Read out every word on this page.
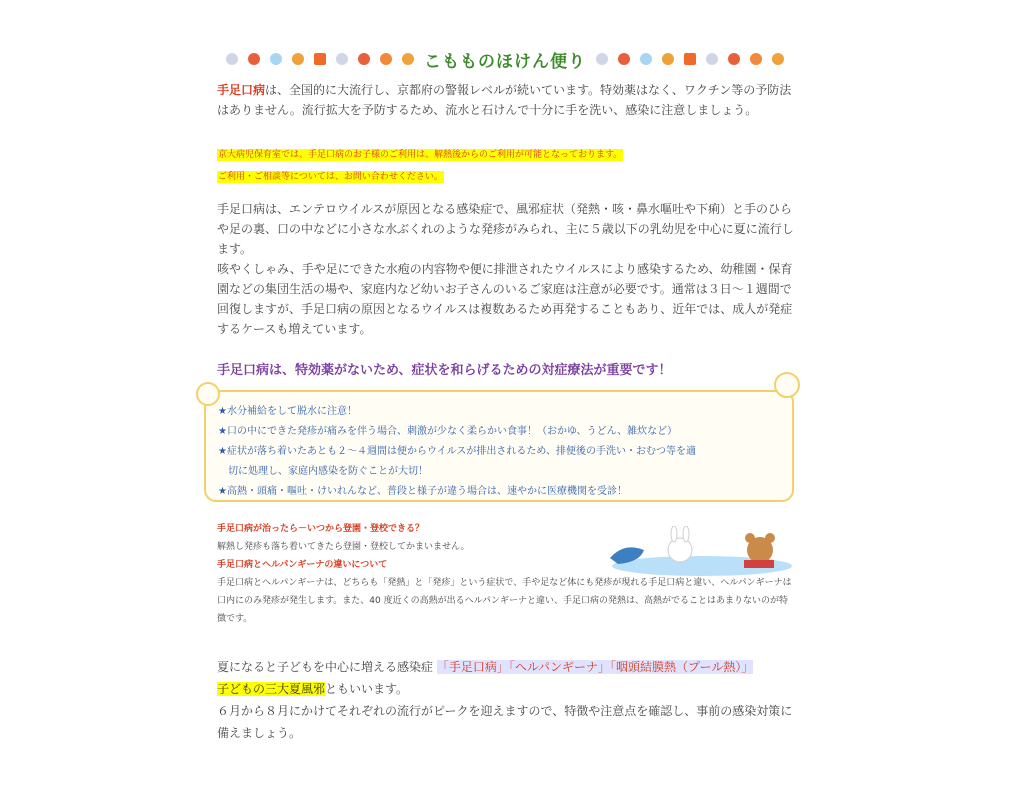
こもものほけん便り
手足口病は、全国的に大流行し、京都府の警報レベルが続いています。特効薬はなく、ワクチン等の予防法はありません。流行拡大を予防するため、流水と石けんで十分に手を洗い、感染に注意しましょう。
京大病児保育室では、手足口病のお子様のご利用は、解熱後からのご利用が可能となっております。
ご利用・ご相談等については、お問い合わせください。
手足口病は、エンテロウイルスが原因となる感染症で、風邪症状（発熱・咳・鼻水嘔吐や下痢）と手のひらや足の裏、口の中などに小さな水ぶくれのような発疹がみられ、主に５歳以下の乳幼児を中心に夏に流行します。
咳やくしゃみ、手や足にできた水疱の内容物や便に排泄されたウイルスにより感染するため、幼稚園・保育園などの集団生活の場や、家庭内など幼いお子さんのいるご家庭は注意が必要です。通常は３日～１週間で回復しますが、手足口病の原因となるウイルスは複数あるため再発することもあり、近年では、成人が発症するケースも増えています。
手足口病は、特効薬がないため、症状を和らげるための対症療法が重要です！
★水分補給をして脱水に注意！
★口の中にできた発疹が痛みを伴う場合、刺激が少なく柔らかい食事！（おかゆ、うどん、雑炊など）
★症状が落ち着いたあとも２～４週間は便からウイルスが排出されるため、排便後の手洗い・おむつ等を適
切に処理し、家庭内感染を防ぐことが大切！
★高熱・頭痛・嘔吐・けいれんなど、普段と様子が違う場合は、速やかに医療機関を受診！
手足口病が治ったら－いつから登園・登校できる？
解熱し発疹も落ち着いてきたら登園・登校してかまいません。
手足口病とヘルパンギーナの違いについて
手足口病とヘルパンギーナは、どちらも「発熱」と「発疹」という症状で、手や足など体にも発疹が現れる手足口病と違い、ヘルパンギーナは口内にのみ発疹が発生します。また、40 度近くの高熱が出るヘルパンギーナと違い、手足口病の発熱は、高熱がでることはあまりないのが特徴です。
夏になると子どもを中心に増える感染症 「手足口病」「ヘルパンギーナ」「咽頭結膜熱（プール熱）」
子どもの三大夏風邪ともいいます。
６月から８月にかけてそれぞれの流行がピークを迎えますので、特徴や注意点を確認し、事前の感染対策に備えましょう。
